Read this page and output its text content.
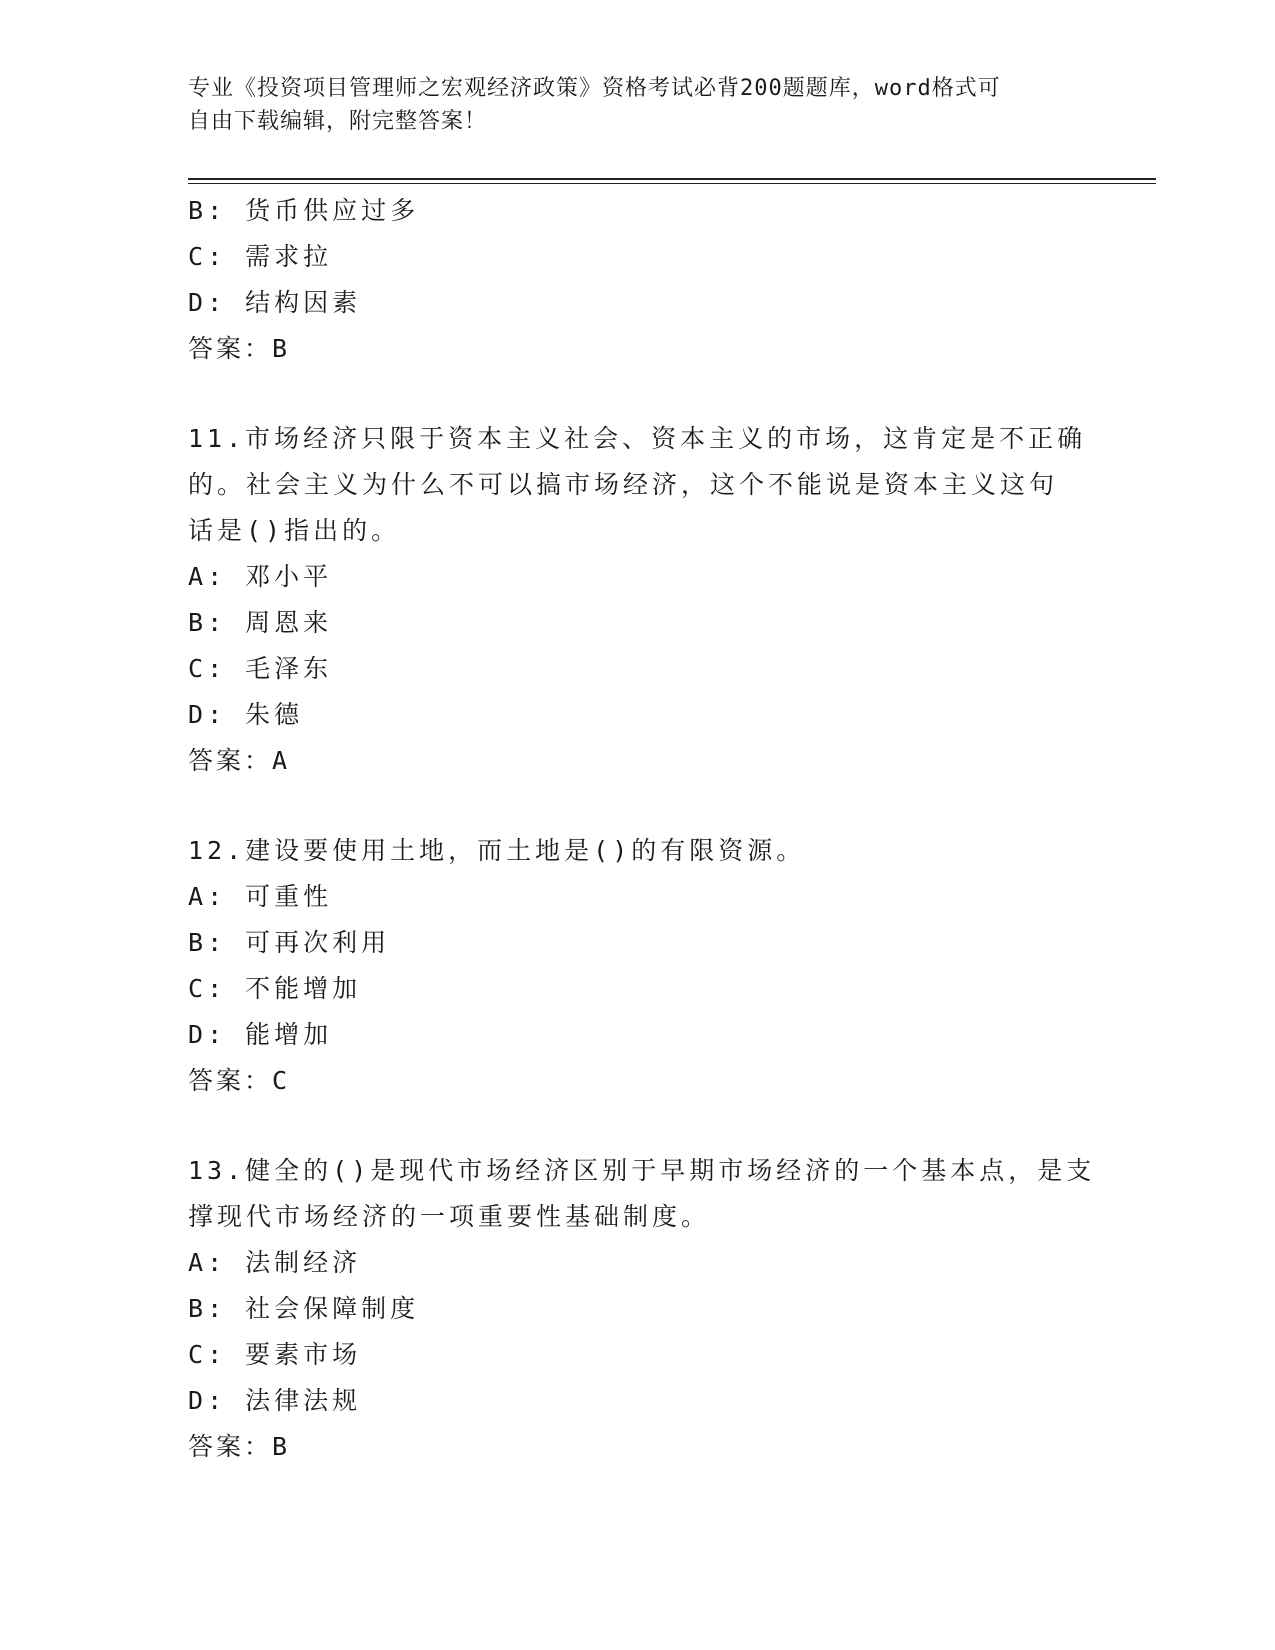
专业《投资项目管理师之宏观经济政策》资格考试必背200题题库，word格式可
自由下载编辑，附完整答案！
B: 货币供应过多
C: 需求拉
D: 结构因素
答案：B
11.市场经济只限于资本主义社会、资本主义的市场，这肯定是不正确
的。社会主义为什么不可以搞市场经济，这个不能说是资本主义这句
话是()指出的。
A: 邓小平
B: 周恩来
C: 毛泽东
D: 朱德
答案：A
12.建设要使用土地，而土地是()的有限资源。
A: 可重性
B: 可再次利用
C: 不能增加
D: 能增加
答案：C
13.健全的()是现代市场经济区别于早期市场经济的一个基本点，是支
撑现代市场经济的一项重要性基础制度。
A: 法制经济
B: 社会保障制度
C: 要素市场
D: 法律法规
答案：B
